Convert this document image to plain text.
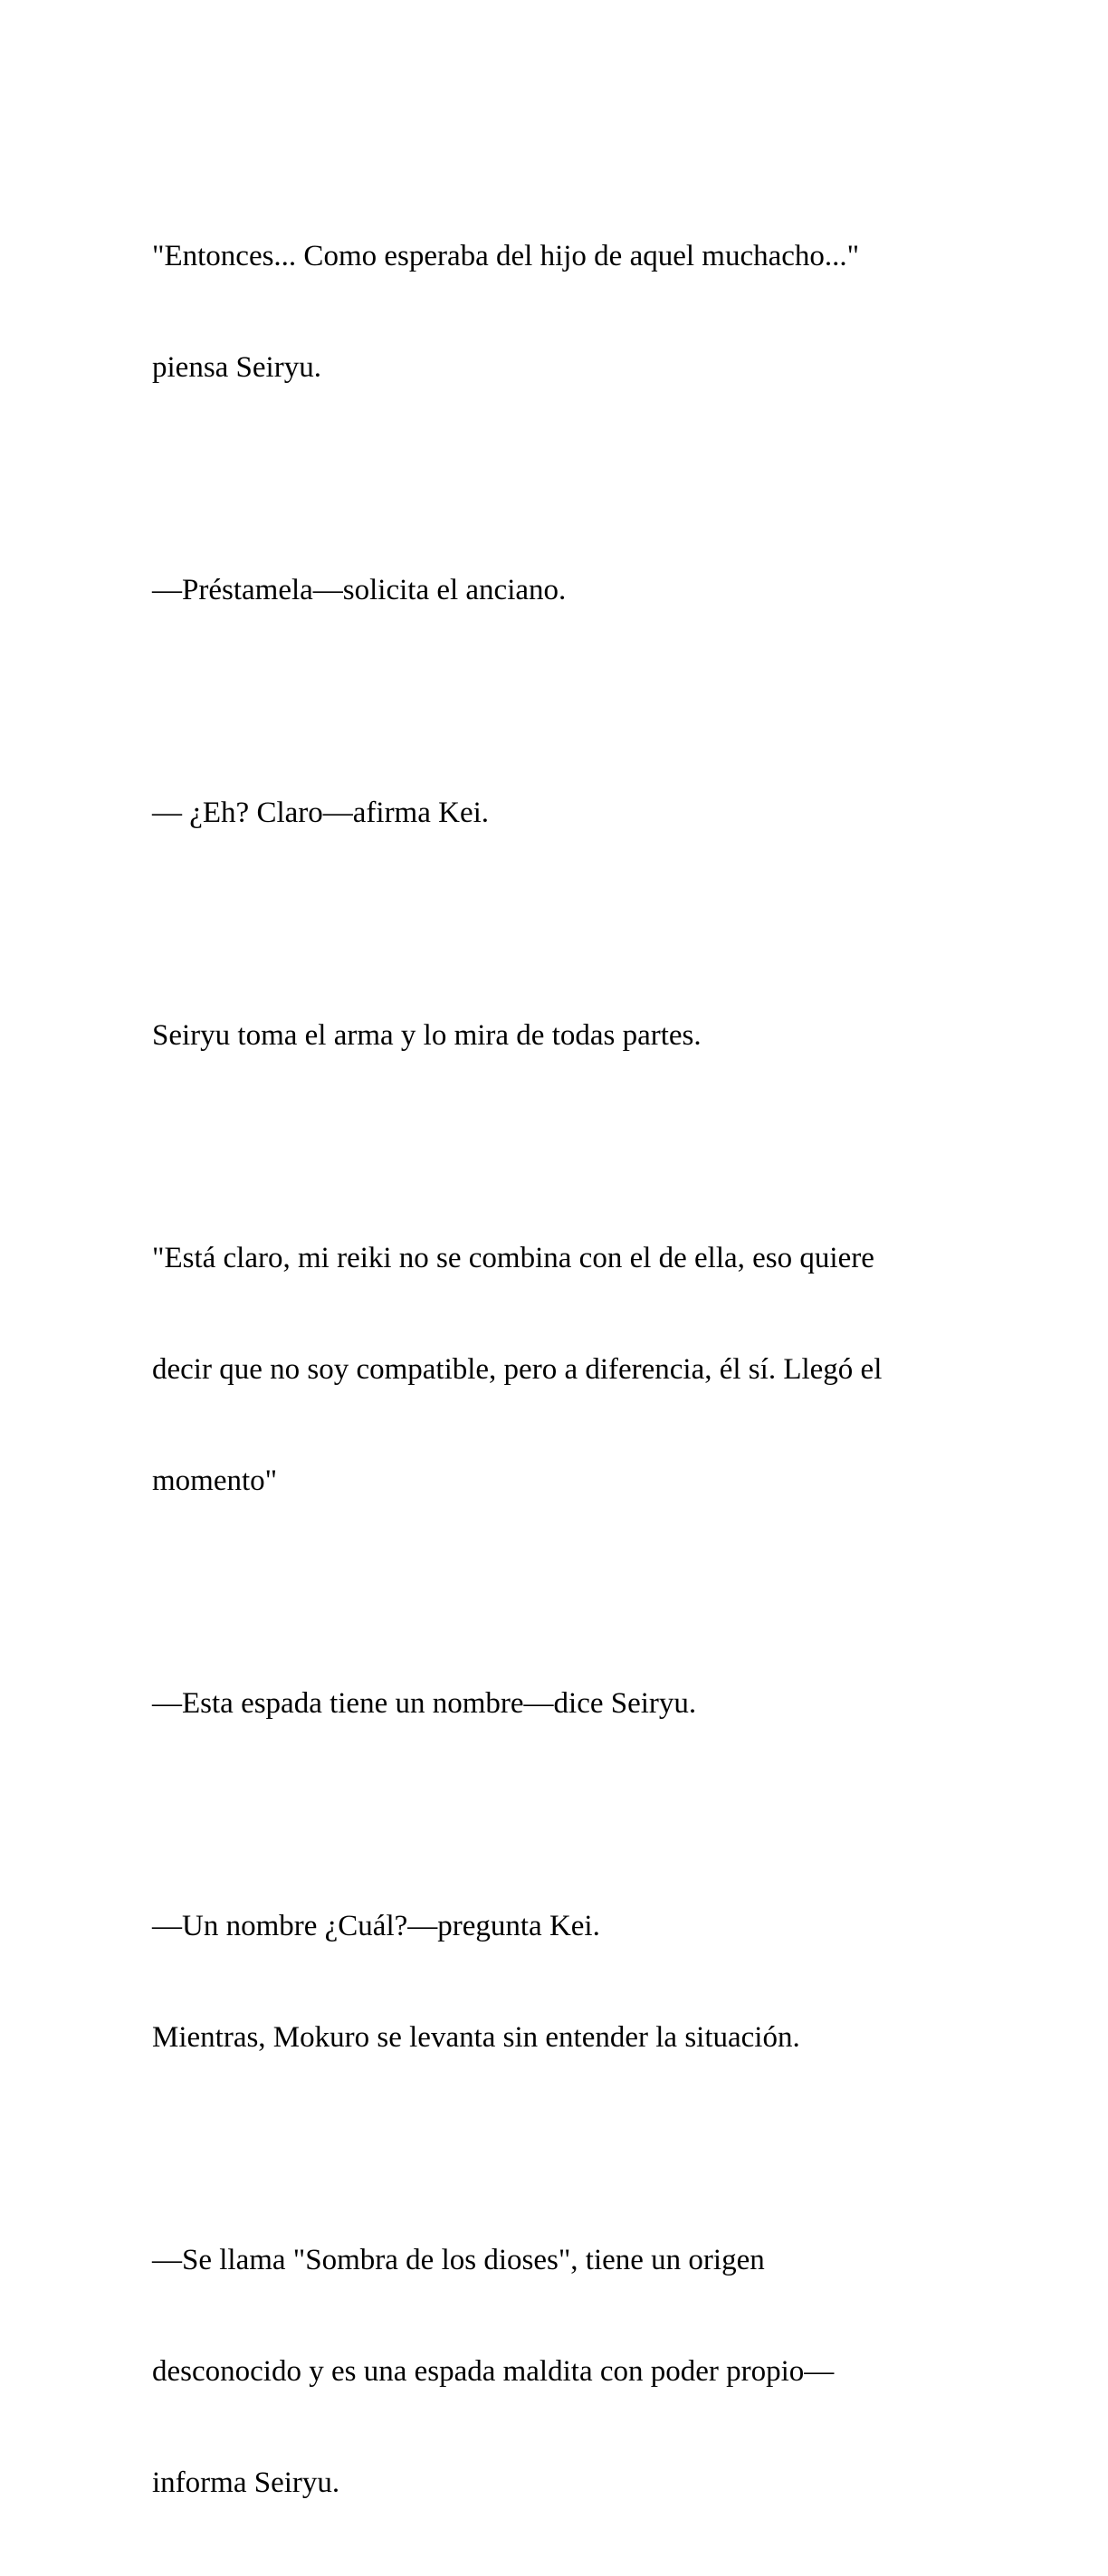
"Entonces... Como esperaba del hijo de aquel muchacho..."

piensa Seiryu.

—Préstamela—solicita el anciano.

— ¿Eh? Claro—afirma Kei.

Seiryu toma el arma y lo mira de todas partes.

"Está claro, mi reiki no se combina con el de ella, eso quiere

decir que no soy compatible, pero a diferencia, él sí. Llegó el

momento"

—Esta espada tiene un nombre—dice Seiryu.

—Un nombre ¿Cuál?—pregunta Kei.

Mientras, Mokuro se levanta sin entender la situación.

—Se llama "Sombra de los dioses", tiene un origen

desconocido y es una espada maldita con poder propio—

informa Seiryu.
